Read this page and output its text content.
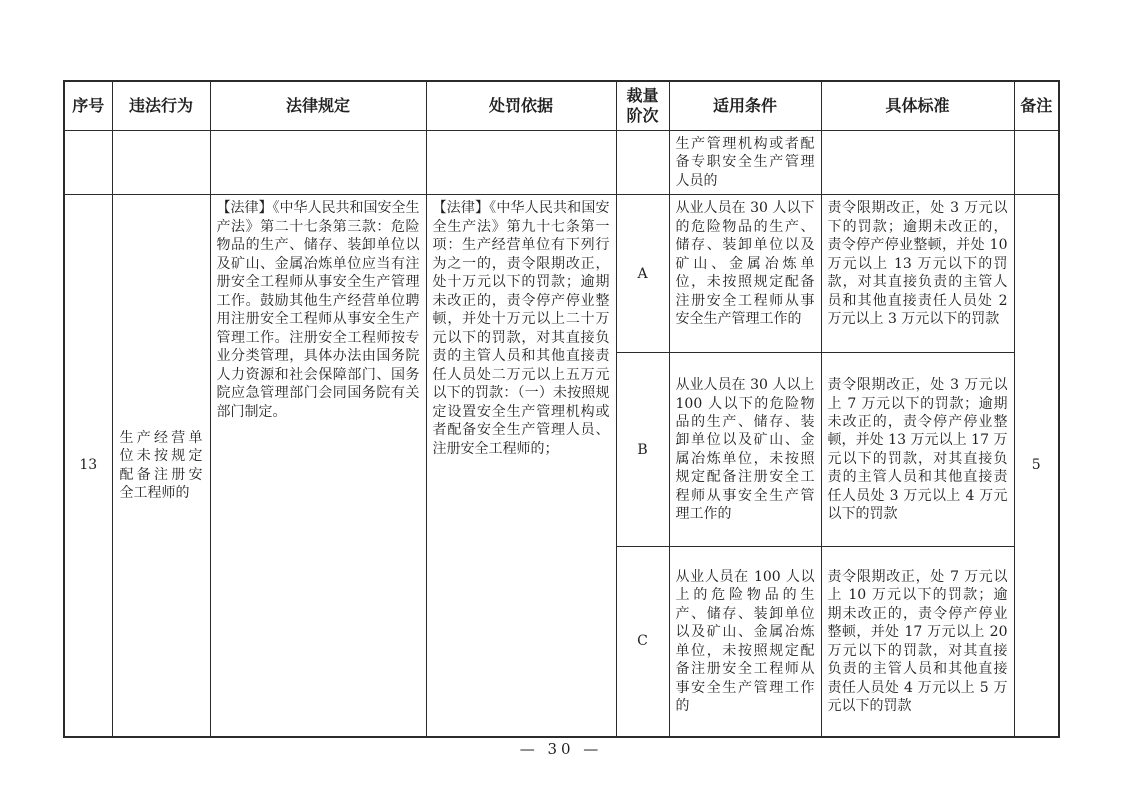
序号	违法行为	法律规定	处罚依据	裁量阶次	适用条件	具体标准	备注
					生产管理机构或者配备专职安全生产管理人员的		
13	生产经营单位未按规定配备注册安全工程师的	【法律】《中华人民共和国安全生产法》第二十七条第三款：危险物品的生产、储存、装卸单位以及矿山、金属冶炼单位应当有注册安全工程师从事安全生产管理工作。鼓励其他生产经营单位聘用注册安全工程师从事安全生产管理工作。注册安全工程师按专业分类管理，具体办法由国务院人力资源和社会保障部门、国务院应急管理部门会同国务院有关部门制定。	【法律】《中华人民共和国安全生产法》第九十七条第一项：生产经营单位有下列行为之一的，责令限期改正，处十万元以下的罚款；逾期未改正的，责令停产停业整顿，并处十万元以上二十万元以下的罚款，对其直接负责的主管人员和其他直接责任人员处二万元以上五万元以下的罚款：（一）未按照规定设置安全生产管理机构或者配备安全生产管理人员、注册安全工程师的；	A	从业人员在 30 人以下的危险物品的生产、储存、装卸单位以及矿山、金属冶炼单位，未按照规定配备注册安全工程师从事安全生产管理工作的	责令限期改正，处 3 万元以下的罚款；逾期未改正的，责令停产停业整顿，并处 10 万元以上 13 万元以下的罚款，对其直接负责的主管人员和其他直接责任人员处 2 万元以上 3 万元以下的罚款	5
				B	从业人员在 30 人以上 100 人以下的危险物品的生产、储存、装卸单位以及矿山、金属冶炼单位，未按照规定配备注册安全工程师从事安全生产管理工作的	责令限期改正，处 3 万元以上 7 万元以下的罚款；逾期未改正的，责令停产停业整顿，并处 13 万元以上 17 万元以下的罚款，对其直接负责的主管人员和其他直接责任人员处 3 万元以上 4 万元以下的罚款	
				C	从业人员在 100 人以上的危险物品的生产、储存、装卸单位以及矿山、金属冶炼单位，未按照规定配备注册安全工程师从事安全生产管理工作的	责令限期改正，处 7 万元以上 10 万元以下的罚款；逾期未改正的，责令停产停业整顿，并处 17 万元以上 20 万元以下的罚款，对其直接负责的主管人员和其他直接责任人员处 4 万元以上 5 万元以下的罚款	
— 30 —
